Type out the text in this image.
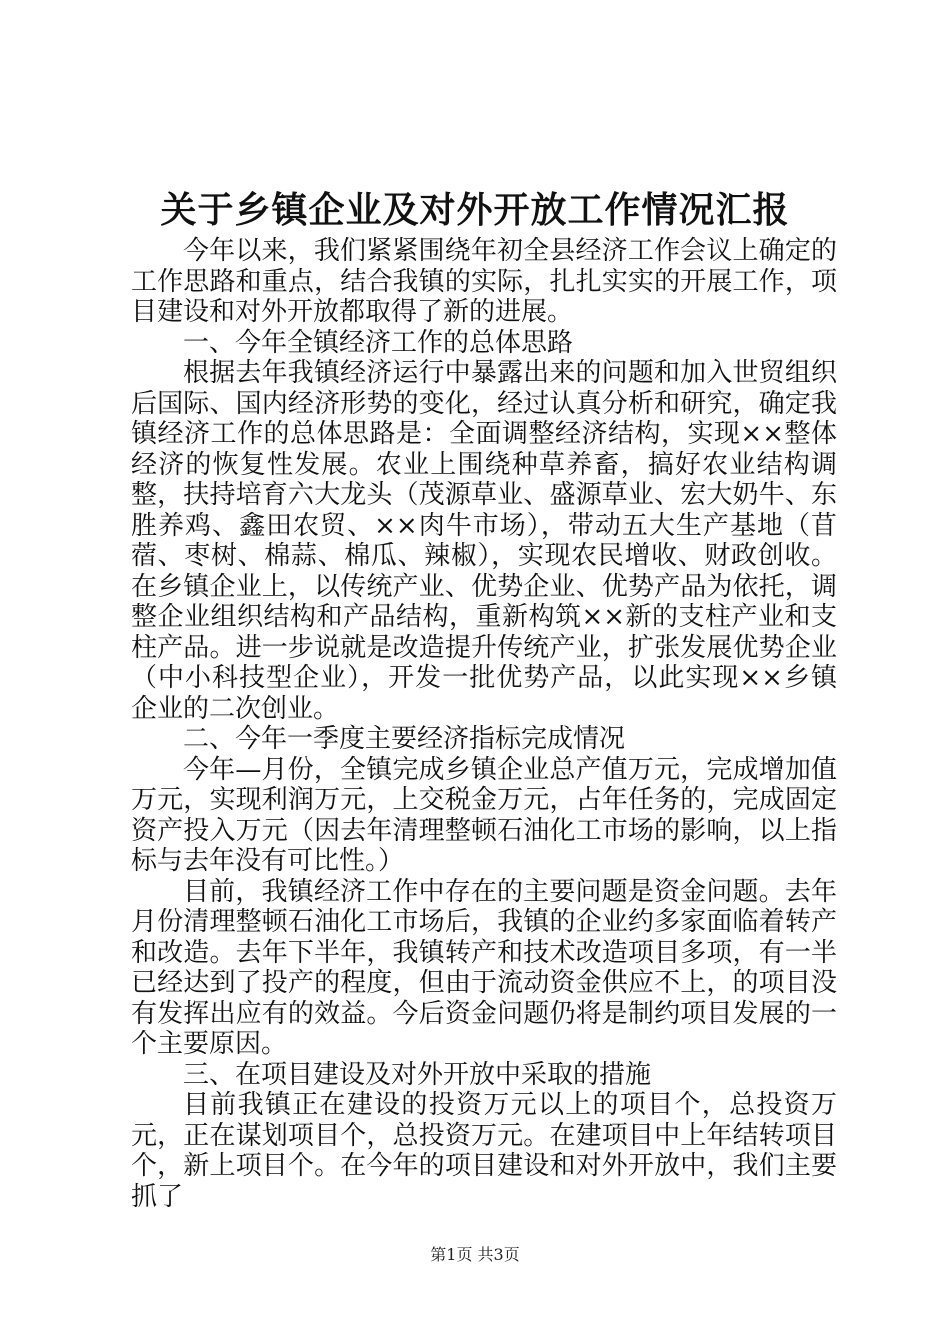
关于乡镇企业及对外开放工作情况汇报

今年以来，我们紧紧围绕年初全县经济工作会议上确定的工作思路和重点，结合我镇的实际，扎扎实实的开展工作，项目建设和对外开放都取得了新的进展。

一、今年全镇经济工作的总体思路

根据去年我镇经济运行中暴露出来的问题和加入世贸组织后国际、国内经济形势的变化，经过认真分析和研究，确定我镇经济工作的总体思路是：全面调整经济结构，实现××整体经济的恢复性发展。农业上围绕种草养畜，搞好农业结构调整，扶持培育六大龙头（茂源草业、盛源草业、宏大奶牛、东胜养鸡、鑫田农贸、××肉牛市场），带动五大生产基地（苜蓿、枣树、棉蒜、棉瓜、辣椒），实现农民增收、财政创收。在乡镇企业上，以传统产业、优势企业、优势产品为依托，调整企业组织结构和产品结构，重新构筑××新的支柱产业和支柱产品。进一步说就是改造提升传统产业，扩张发展优势企业（中小科技型企业），开发一批优势产品，以此实现××乡镇企业的二次创业。

二、今年一季度主要经济指标完成情况

今年—月份，全镇完成乡镇企业总产值万元，完成增加值万元，实现利润万元，上交税金万元，占年任务的，完成固定资产投入万元（因去年清理整顿石油化工市场的影响，以上指标与去年没有可比性。）

目前，我镇经济工作中存在的主要问题是资金问题。去年月份清理整顿石油化工市场后，我镇的企业约多家面临着转产和改造。去年下半年，我镇转产和技术改造项目多项，有一半已经达到了投产的程度，但由于流动资金供应不上，的项目没有发挥出应有的效益。今后资金问题仍将是制约项目发展的一个主要原因。

三、在项目建设及对外开放中采取的措施

目前我镇正在建设的投资万元以上的项目个，总投资万元，正在谋划项目个，总投资万元。在建项目中上年结转项目个，新上项目个。在今年的项目建设和对外开放中，我们主要抓了

第1页 共3页
